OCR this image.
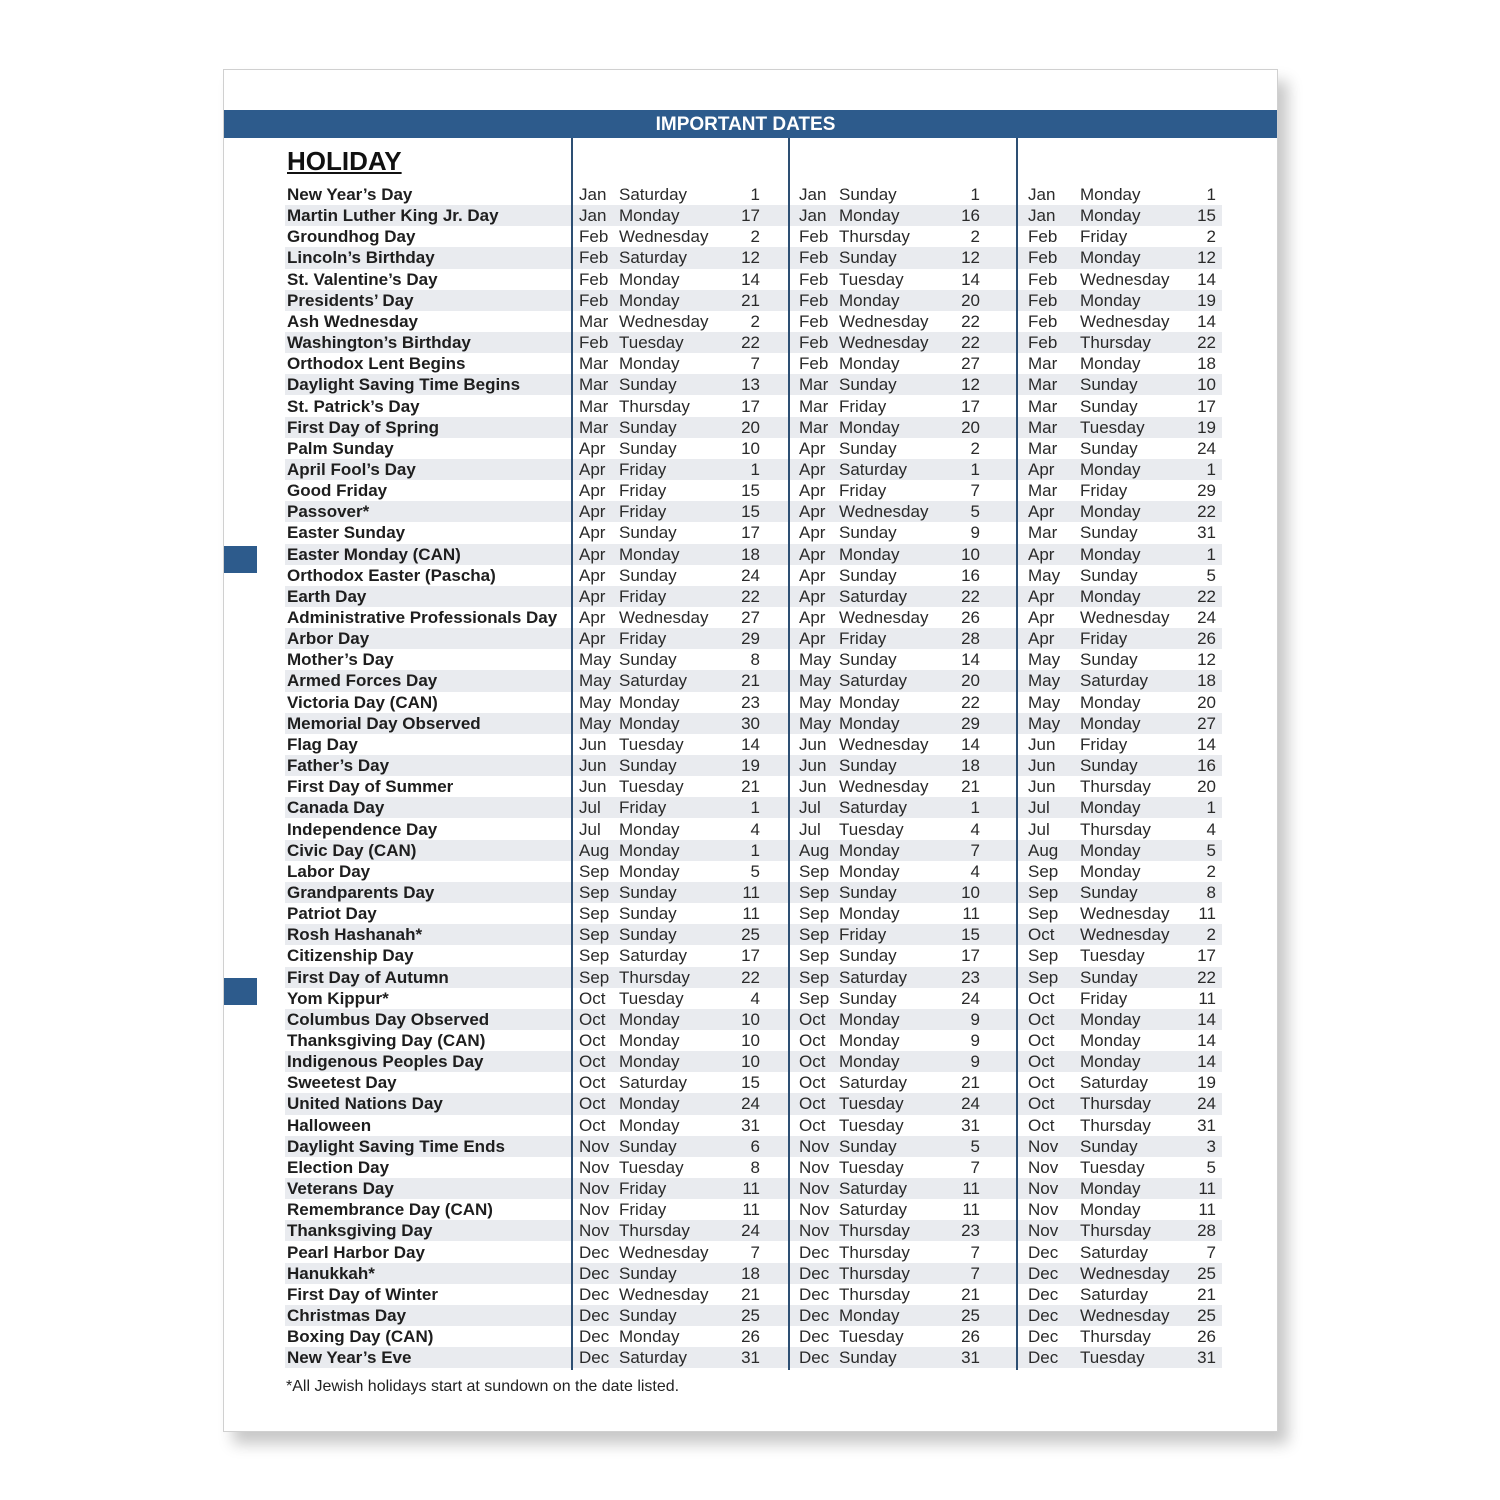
IMPORTANT DATES
HOLIDAY
New Year’s Day	Jan Saturday	1 Jan Sunday	1	Jan Monday	1
Martin Luther King Jr. Day	Jan Monday	17 Jan Monday	16	Jan Monday	15
Groundhog Day	Feb Wednesday	2 Feb Thursday	2	Feb Friday	2
Lincoln’s Birthday	Feb Saturday	12 Feb Sunday	12	Feb Monday	12
St. Valentine’s Day	Feb Monday	14 Feb Tuesday	14	Feb Wednesday	14
Presidents’ Day	Feb Monday	21 Feb Monday	20	Feb Monday	19
Ash Wednesday	Mar Wednesday	2 Feb Wednesday	22	Feb Wednesday	14
Washington’s Birthday	Feb Tuesday	22 Feb Wednesday	22	Feb Thursday	22
Orthodox Lent Begins	Mar Monday	7 Feb Monday	27	Mar Monday	18
Daylight Saving Time Begins	Mar Sunday	13 Mar Sunday	12	Mar Sunday	10
St. Patrick’s Day	Mar Thursday	17 Mar Friday	17	Mar Sunday	17
First Day of Spring	Mar Sunday	20 Mar Monday	20	Mar Tuesday	19
Palm Sunday	Apr Sunday	10 Apr Sunday	2	Mar Sunday	24
April Fool’s Day	Apr Friday	1 Apr Saturday	1	Apr Monday	1
Good Friday	Apr Friday	15 Apr Friday	7	Mar Friday	29
Passover*	Apr Friday	15 Apr Wednesday	5	Apr Monday	22
Easter Sunday	Apr Sunday	17 Apr Sunday	9	Mar Sunday	31
Easter Monday (CAN)	Apr Monday	18 Apr Monday	10	Apr Monday	1
Orthodox Easter (Pascha)	Apr Sunday	24 Apr Sunday	16	May Sunday	5
Earth Day	Apr Friday	22 Apr Saturday	22	Apr Monday	22
Administrative Professionals Day Apr Wednesday	27 Apr Wednesday	26	Apr Wednesday	24
Arbor Day	Apr Friday	29 Apr Friday	28	Apr Friday	26
Mother’s Day	May Sunday	8 May Sunday	14	May Sunday	12
Armed Forces Day	May Saturday	21 May Saturday	20	May Saturday	18
Victoria Day (CAN)	May Monday	23 May Monday	22	May Monday	20
Memorial Day Observed	May Monday	30 May Monday	29	May Monday	27
Flag Day	Jun Tuesday	14 Jun Wednesday	14	Jun Friday	14
Father’s Day	Jun Sunday	19 Jun Sunday	18	Jun Sunday	16
First Day of Summer	Jun Tuesday	21 Jun Wednesday	21	Jun Thursday	20
Canada Day	Jul Friday	1 Jul Saturday	1	Jul Monday	1
Independence Day	Jul Monday	4 Jul Tuesday	4	Jul Thursday	4
Civic Day (CAN)	Aug Monday	1 Aug Monday	7	Aug Monday	5
Labor Day	Sep Monday	5 Sep Monday	4	Sep Monday	2
Grandparents Day	Sep Sunday	11 Sep Sunday	10	Sep Sunday	8
Patriot Day	Sep Sunday	11 Sep Monday	11	Sep Wednesday	11
Rosh Hashanah*	Sep Sunday	25 Sep Friday	15	Oct Wednesday	2
Citizenship Day	Sep Saturday	17 Sep Sunday	17	Sep Tuesday	17
First Day of Autumn	Sep Thursday	22 Sep Saturday	23	Sep Sunday	22
Yom Kippur*	Oct Tuesday	4 Sep Sunday	24	Oct Friday	11
Columbus Day Observed	Oct Monday	10 Oct Monday	9	Oct Monday	14
Thanksgiving Day (CAN)	Oct Monday	10 Oct Monday	9	Oct Monday	14
Indigenous Peoples Day	Oct Monday	10 Oct Monday	9	Oct Monday	14
Sweetest Day	Oct Saturday	15 Oct Saturday	21	Oct Saturday	19
United Nations Day	Oct Monday	24 Oct Tuesday	24	Oct Thursday	24
Halloween	Oct Monday	31 Oct Tuesday	31	Oct Thursday	31
Daylight Saving Time Ends	Nov Sunday	6 Nov Sunday	5	Nov Sunday	3
Election Day	Nov Tuesday	8 Nov Tuesday	7	Nov Tuesday	5
Veterans Day	Nov Friday	11 Nov Saturday	11	Nov Monday	11
Remembrance Day (CAN)	Nov Friday	11 Nov Saturday	11	Nov Monday	11
Thanksgiving Day	Nov Thursday	24 Nov Thursday	23	Nov Thursday	28
Pearl Harbor Day	Dec Wednesday	7 Dec Thursday	7	Dec Saturday	7
Hanukkah*	Dec Sunday	18 Dec Thursday	7	Dec Wednesday	25
First Day of Winter	Dec Wednesday	21 Dec Thursday	21	Dec Saturday	21
Christmas Day	Dec Sunday	25 Dec Monday	25	Dec Wednesday	25
Boxing Day (CAN)	Dec Monday	26 Dec Tuesday	26	Dec Thursday	26
New Year’s Eve	Dec Saturday	31 Dec Sunday	31	Dec Tuesday	31

*All Jewish holidays start at sundown on the date listed.
